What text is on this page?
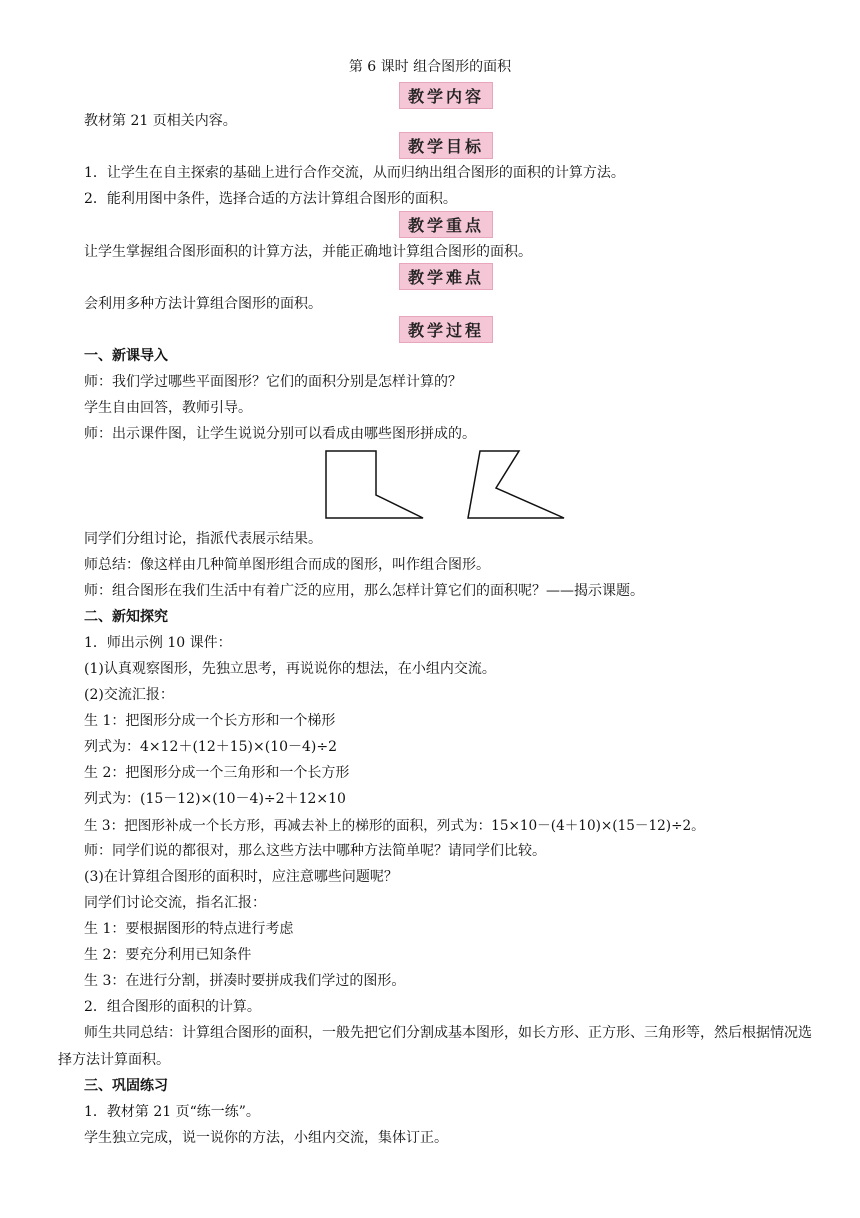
第 6 课时 组合图形的面积
教学内容
教材第 21 页相关内容。
教学目标
1．让学生在自主探索的基础上进行合作交流，从而归纳出组合图形的面积的计算方法。
2．能利用图中条件，选择合适的方法计算组合图形的面积。
教学重点
让学生掌握组合图形面积的计算方法，并能正确地计算组合图形的面积。
教学难点
会利用多种方法计算组合图形的面积。
教学过程
一、新课导入
师：我们学过哪些平面图形？它们的面积分别是怎样计算的？
学生自由回答，教师引导。
师：出示课件图，让学生说说分别可以看成由哪些图形拼成的。
同学们分组讨论，指派代表展示结果。
师总结：像这样由几种简单图形组合而成的图形，叫作组合图形。
师：组合图形在我们生活中有着广泛的应用，那么怎样计算它们的面积呢？——揭示课题。
二、新知探究
1．师出示例 10 课件：
(1)认真观察图形，先独立思考，再说说你的想法，在小组内交流。
(2)交流汇报：
生 1：把图形分成一个长方形和一个梯形
列式为：4×12＋(12＋15)×(10－4)÷2
生 2：把图形分成一个三角形和一个长方形
列式为：(15－12)×(10－4)÷2＋12×10
生 3：把图形补成一个长方形，再减去补上的梯形的面积，列式为：15×10－(4＋10)×(15－12)÷2。
师：同学们说的都很对，那么这些方法中哪种方法简单呢？请同学们比较。
(3)在计算组合图形的面积时，应注意哪些问题呢？
同学们讨论交流，指名汇报：
生 1：要根据图形的特点进行考虑
生 2：要充分利用已知条件
生 3：在进行分割，拼凑时要拼成我们学过的图形。
2．组合图形的面积的计算。
师生共同总结：计算组合图形的面积，一般先把它们分割成基本图形，如长方形、正方形、三角形等，然后根据情况选择方法计算面积。
三、巩固练习
1．教材第 21 页“练一练”。
学生独立完成，说一说你的方法，小组内交流，集体订正。
